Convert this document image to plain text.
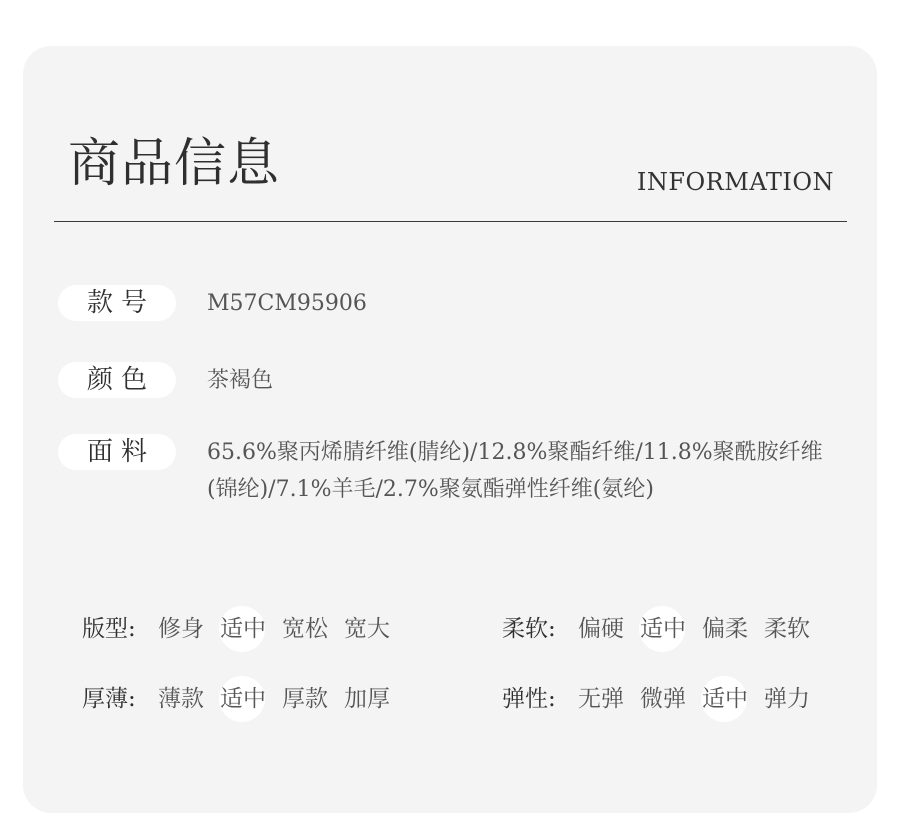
商品信息	INFORMATION
款号	M57CM95906
颜色	茶褐色
面料	65.6%聚丙烯腈纤维(腈纶)/12.8%聚酯纤维/11.8%聚酰胺纤维(锦纶)/7.1%羊毛/2.7%聚氨酯弹性纤维(氨纶)
版型: 修身 适中 宽松 宽大	柔软: 偏硬 适中 偏柔 柔软
厚薄: 薄款 适中 厚款 加厚	弹性: 无弹 微弹 适中 弹力
